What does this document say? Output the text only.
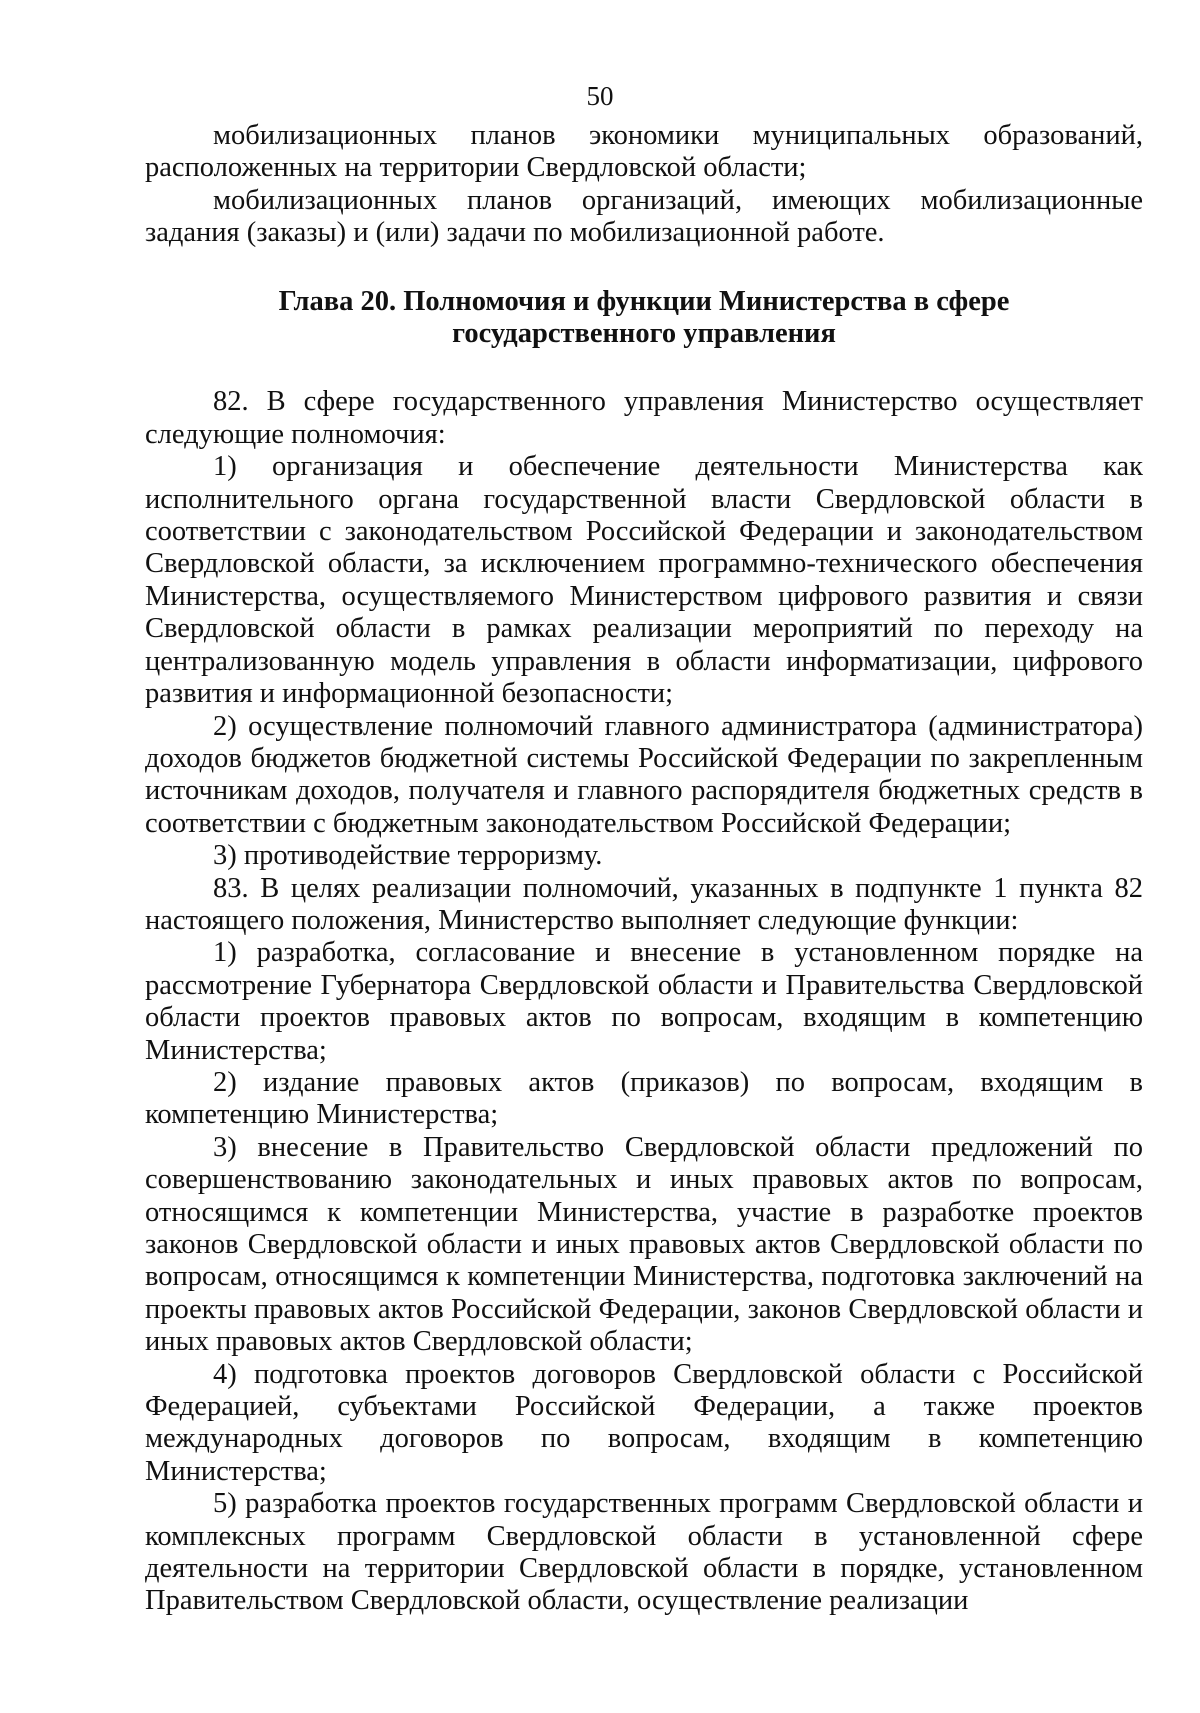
50

мобилизационных планов экономики муниципальных образований, расположенных на территории Свердловской области;

мобилизационных планов организаций, имеющих мобилизационные задания (заказы) и (или) задачи по мобилизационной работе.

Глава 20. Полномочия и функции Министерства в сфере
государственного управления

82. В сфере государственного управления Министерство осуществляет следующие полномочия:

1) организация и обеспечение деятельности Министерства как исполнительного органа государственной власти Свердловской области в соответствии с законодательством Российской Федерации и законодательством Свердловской области, за исключением программно-технического обеспечения Министерства, осуществляемого Министерством цифрового развития и связи Свердловской области в рамках реализации мероприятий по переходу на централизованную модель управления в области информатизации, цифрового развития и информационной безопасности;

2) осуществление полномочий главного администратора (администратора) доходов бюджетов бюджетной системы Российской Федерации по закрепленным источникам доходов, получателя и главного распорядителя бюджетных средств в соответствии с бюджетным законодательством Российской Федерации;

3) противодействие терроризму.

83. В целях реализации полномочий, указанных в подпункте 1 пункта 82 настоящего положения, Министерство выполняет следующие функции:

1) разработка, согласование и внесение в установленном порядке на рассмотрение Губернатора Свердловской области и Правительства Свердловской области проектов правовых актов по вопросам, входящим в компетенцию Министерства;

2) издание правовых актов (приказов) по вопросам, входящим в компетенцию Министерства;

3) внесение в Правительство Свердловской области предложений по совершенствованию законодательных и иных правовых актов по вопросам, относящимся к компетенции Министерства, участие в разработке проектов законов Свердловской области и иных правовых актов Свердловской области по вопросам, относящимся к компетенции Министерства, подготовка заключений на проекты правовых актов Российской Федерации, законов Свердловской области и иных правовых актов Свердловской области;

4) подготовка проектов договоров Свердловской области с Российской Федерацией, субъектами Российской Федерации, а также проектов международных договоров по вопросам, входящим в компетенцию Министерства;

5) разработка проектов государственных программ Свердловской области и комплексных программ Свердловской области в установленной сфере деятельности на территории Свердловской области в порядке, установленном Правительством Свердловской области, осуществление реализации
